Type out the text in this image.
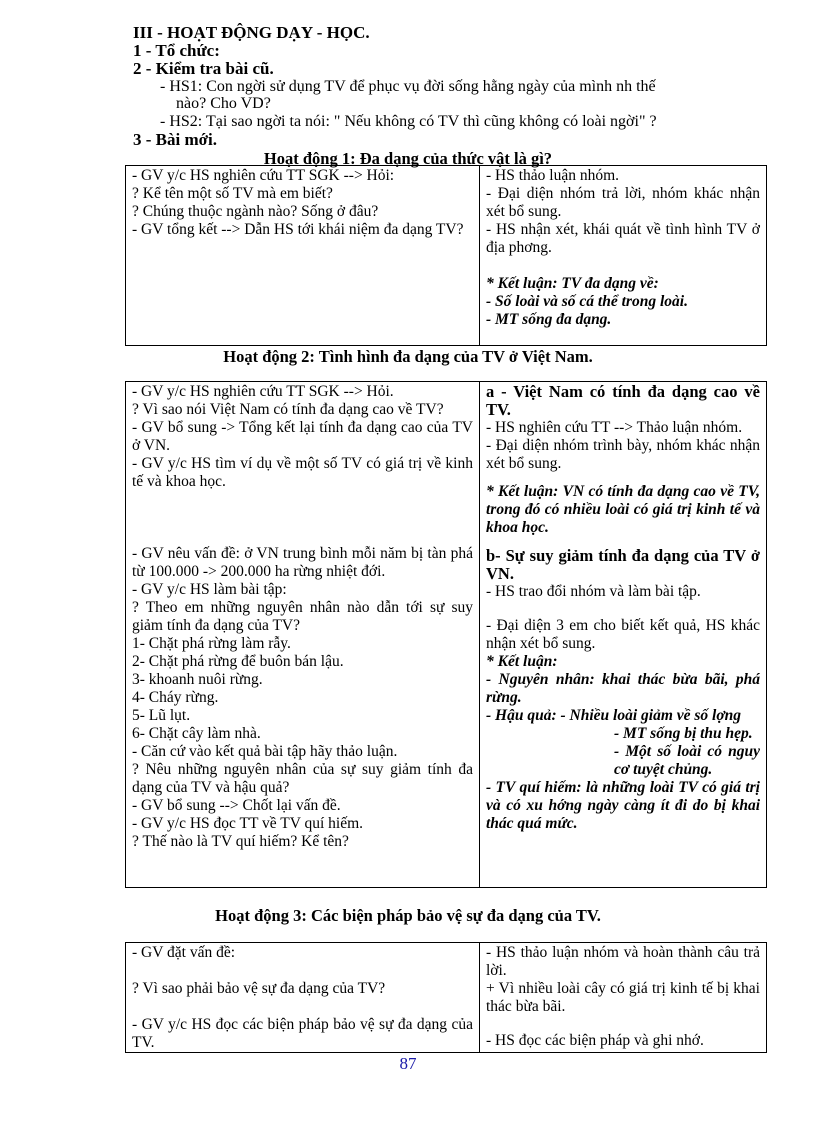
III - HOẠT ĐỘNG DẠY - HỌC.
1 - Tổ chức:
2 - Kiểm tra bài cũ.
- HS1: Con ngời sử dụng TV để phục vụ đời sống hằng ngày của mình nh thế
nào? Cho VD?
- HS2: Tại sao ngời ta nói: " Nếu không có TV thì cũng không có loài ngời" ?
3 - Bài mới.
Hoạt động 1: Đa dạng của thức vật là gì?
- GV y/c HS nghiên cứu TT SGK --> Hỏi:
? Kể tên một số TV mà em biết?
? Chúng thuộc ngành nào? Sống ở đâu?
- GV tổng kết --> Dẫn HS tới khái niệm đa dạng TV?

- HS thảo luận nhóm.
- Đại diện nhóm trả lời, nhóm khác nhận xét bổ sung.
- HS nhận xét, khái quát về tình hình TV ở địa phơng.
* Kết luận: TV đa dạng về:
- Số loài và số cá thể trong loài.
- MT sống đa dạng.
Hoạt động 2: Tình hình đa dạng của TV ở Việt Nam.
- GV y/c HS nghiên cứu TT SGK --> Hỏi.
? Vì sao nói Việt Nam có tính đa dạng cao về TV?
- GV bổ sung -> Tổng kết lại tính đa dạng cao của TV ở VN.
- GV y/c HS tìm ví dụ về một số TV có giá trị về kinh tế và khoa học.
- GV nêu vấn đề: ở VN trung bình mỗi năm bị tàn phá từ 100.000 -> 200.000 ha rừng nhiệt đới.
- GV y/c HS làm bài tập:
? Theo em những nguyên nhân nào dẫn tới sự suy giảm tính đa dạng của TV?
1- Chặt phá rừng làm rẫy.
2- Chặt phá rừng để buôn bán lậu.
3- khoanh nuôi rừng.
4- Cháy rừng.
5- Lũ lụt.
6- Chặt cây làm nhà.
- Căn cứ vào kết quả bài tập hãy thảo luận.
? Nêu những nguyên nhân của sự suy giảm tính đa dạng của TV và hậu quả?
- GV bổ sung --> Chốt lại vấn đề.
- GV y/c HS đọc TT về TV quí hiếm.
? Thế nào là TV quí hiếm? Kể tên?

a - Việt Nam có tính đa dạng cao về TV.
- HS nghiên cứu TT --> Thảo luận nhóm.
- Đại diện nhóm trình bày, nhóm khác nhận xét bổ sung.
* Kết luận: VN có tính đa dạng cao về TV, trong đó có nhiều loài có giá trị kinh tế và khoa học.
b- Sự suy giảm tính đa dạng của TV ở VN.
- HS trao đổi nhóm và làm bài tập.
- Đại diện 3 em cho biết kết quả, HS khác nhận xét bổ sung.
* Kết luận:
- Nguyên nhân: khai thác bừa bãi, phá rừng.
- Hậu quả: - Nhiều loài giảm về số lợng
- MT sống bị thu hẹp.
- Một số loài có nguy cơ tuyệt chủng.
- TV quí hiếm: là những loài TV có giá trị và có xu hớng ngày càng ít đi do bị khai thác quá mức.
Hoạt động 3: Các biện pháp bảo vệ sự đa dạng của TV.
- GV đặt vấn đề:
? Vì sao phải bảo vệ sự đa dạng của TV?
- GV y/c HS đọc các biện pháp bảo vệ sự đa dạng của TV.

- HS thảo luận nhóm và hoàn thành câu trả lời.
+ Vì nhiều loài cây có giá trị kinh tế bị khai thác bừa bãi.
- HS đọc các biện pháp và ghi nhớ.
87
